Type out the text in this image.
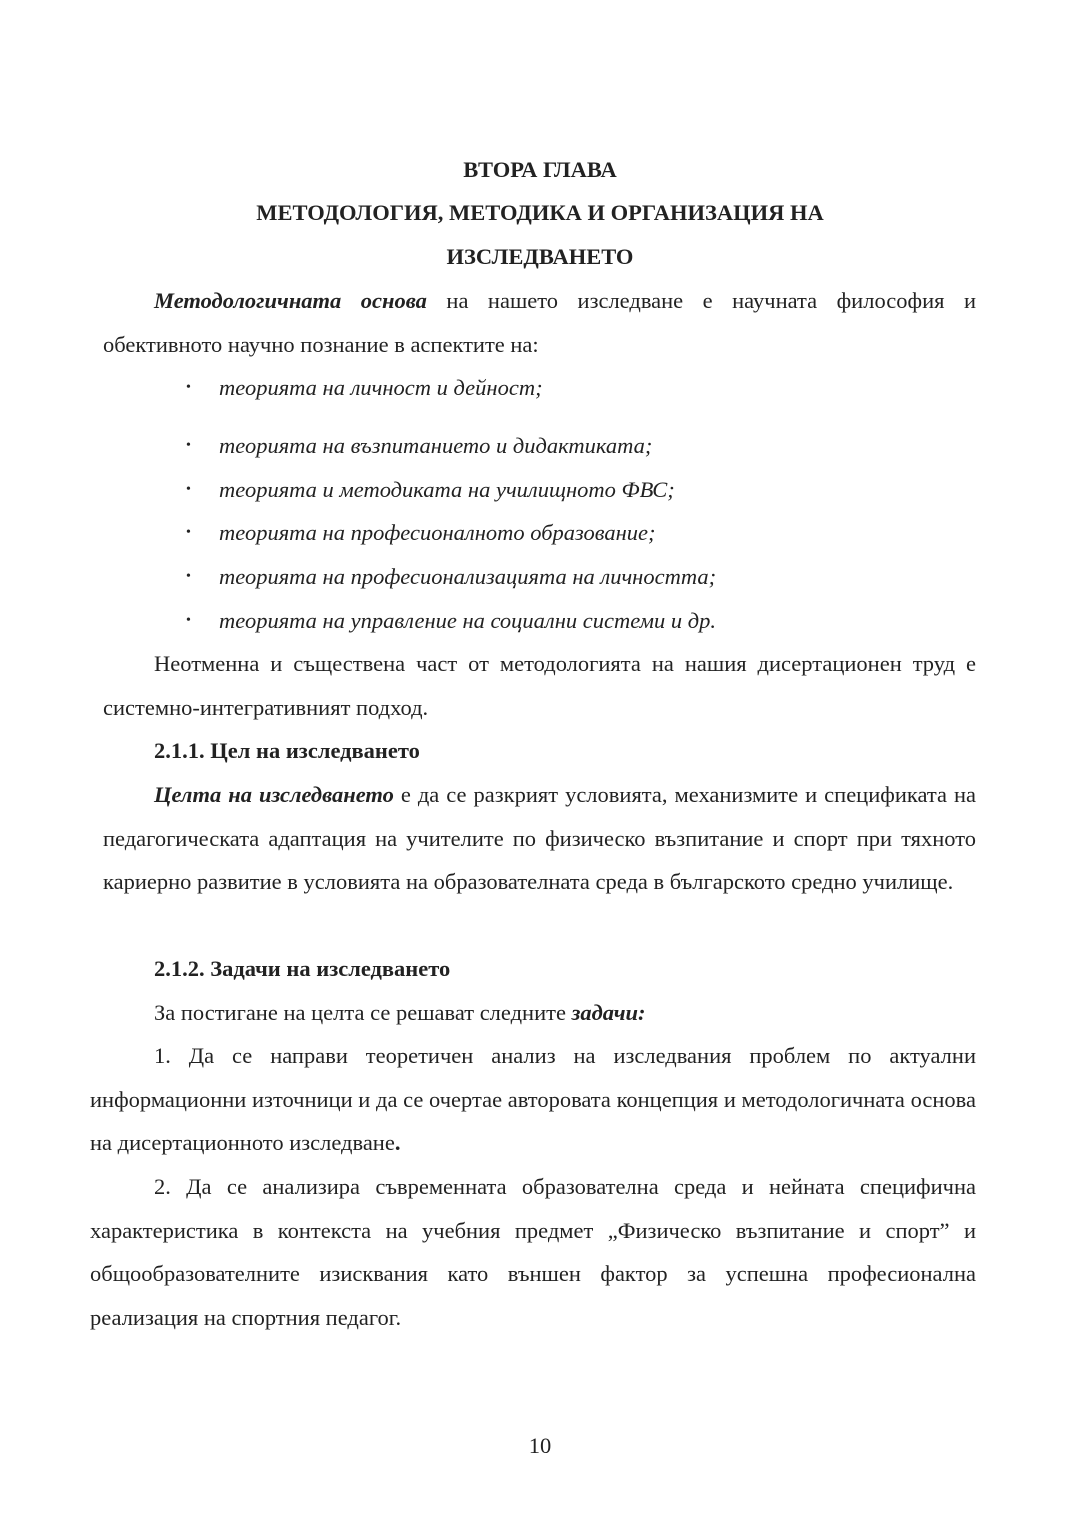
ВТОРА ГЛАВА
МЕТОДОЛОГИЯ, МЕТОДИКА И ОРГАНИЗАЦИЯ НА
ИЗСЛЕДВАНЕТО

Методологичната основа на нашето изследване е научната философия и обективното научно познание в аспектите на:

• теорията на личност и дейност;
• теорията на възпитанието и дидактиката;
• теорията и методиката на училищното ФВС;
• теорията на професионалното образование;
• теорията на професионализацията на личността;
• теорията на управление на социални системи и др.

Неотменна и съществена част от методологията на нашия дисертационен труд е системно-интегративният подход.

2.1.1. Цел на изследването

Целта на изследването е да се разкрият условията, механизмите и спецификата на педагогическата адаптация на учителите по физическо възпитание и спорт при тяхното кариерно развитие в условията на образователната среда в българското средно училище.

2.1.2. Задачи на изследването
За постигане на целта се решават следните задачи:

1. Да се направи теоретичен анализ на изследвания проблем по актуални информационни източници и да се очертае авторовата концепция и методологичната основа на дисертационното изследване.

2. Да се анализира съвременната образователна среда и нейната специфична характеристика в контекста на учебния предмет „Физическо възпитание и спорт” и общообразователните изисквания като външен фактор за успешна професионална реализация на спортния педагог.

10
